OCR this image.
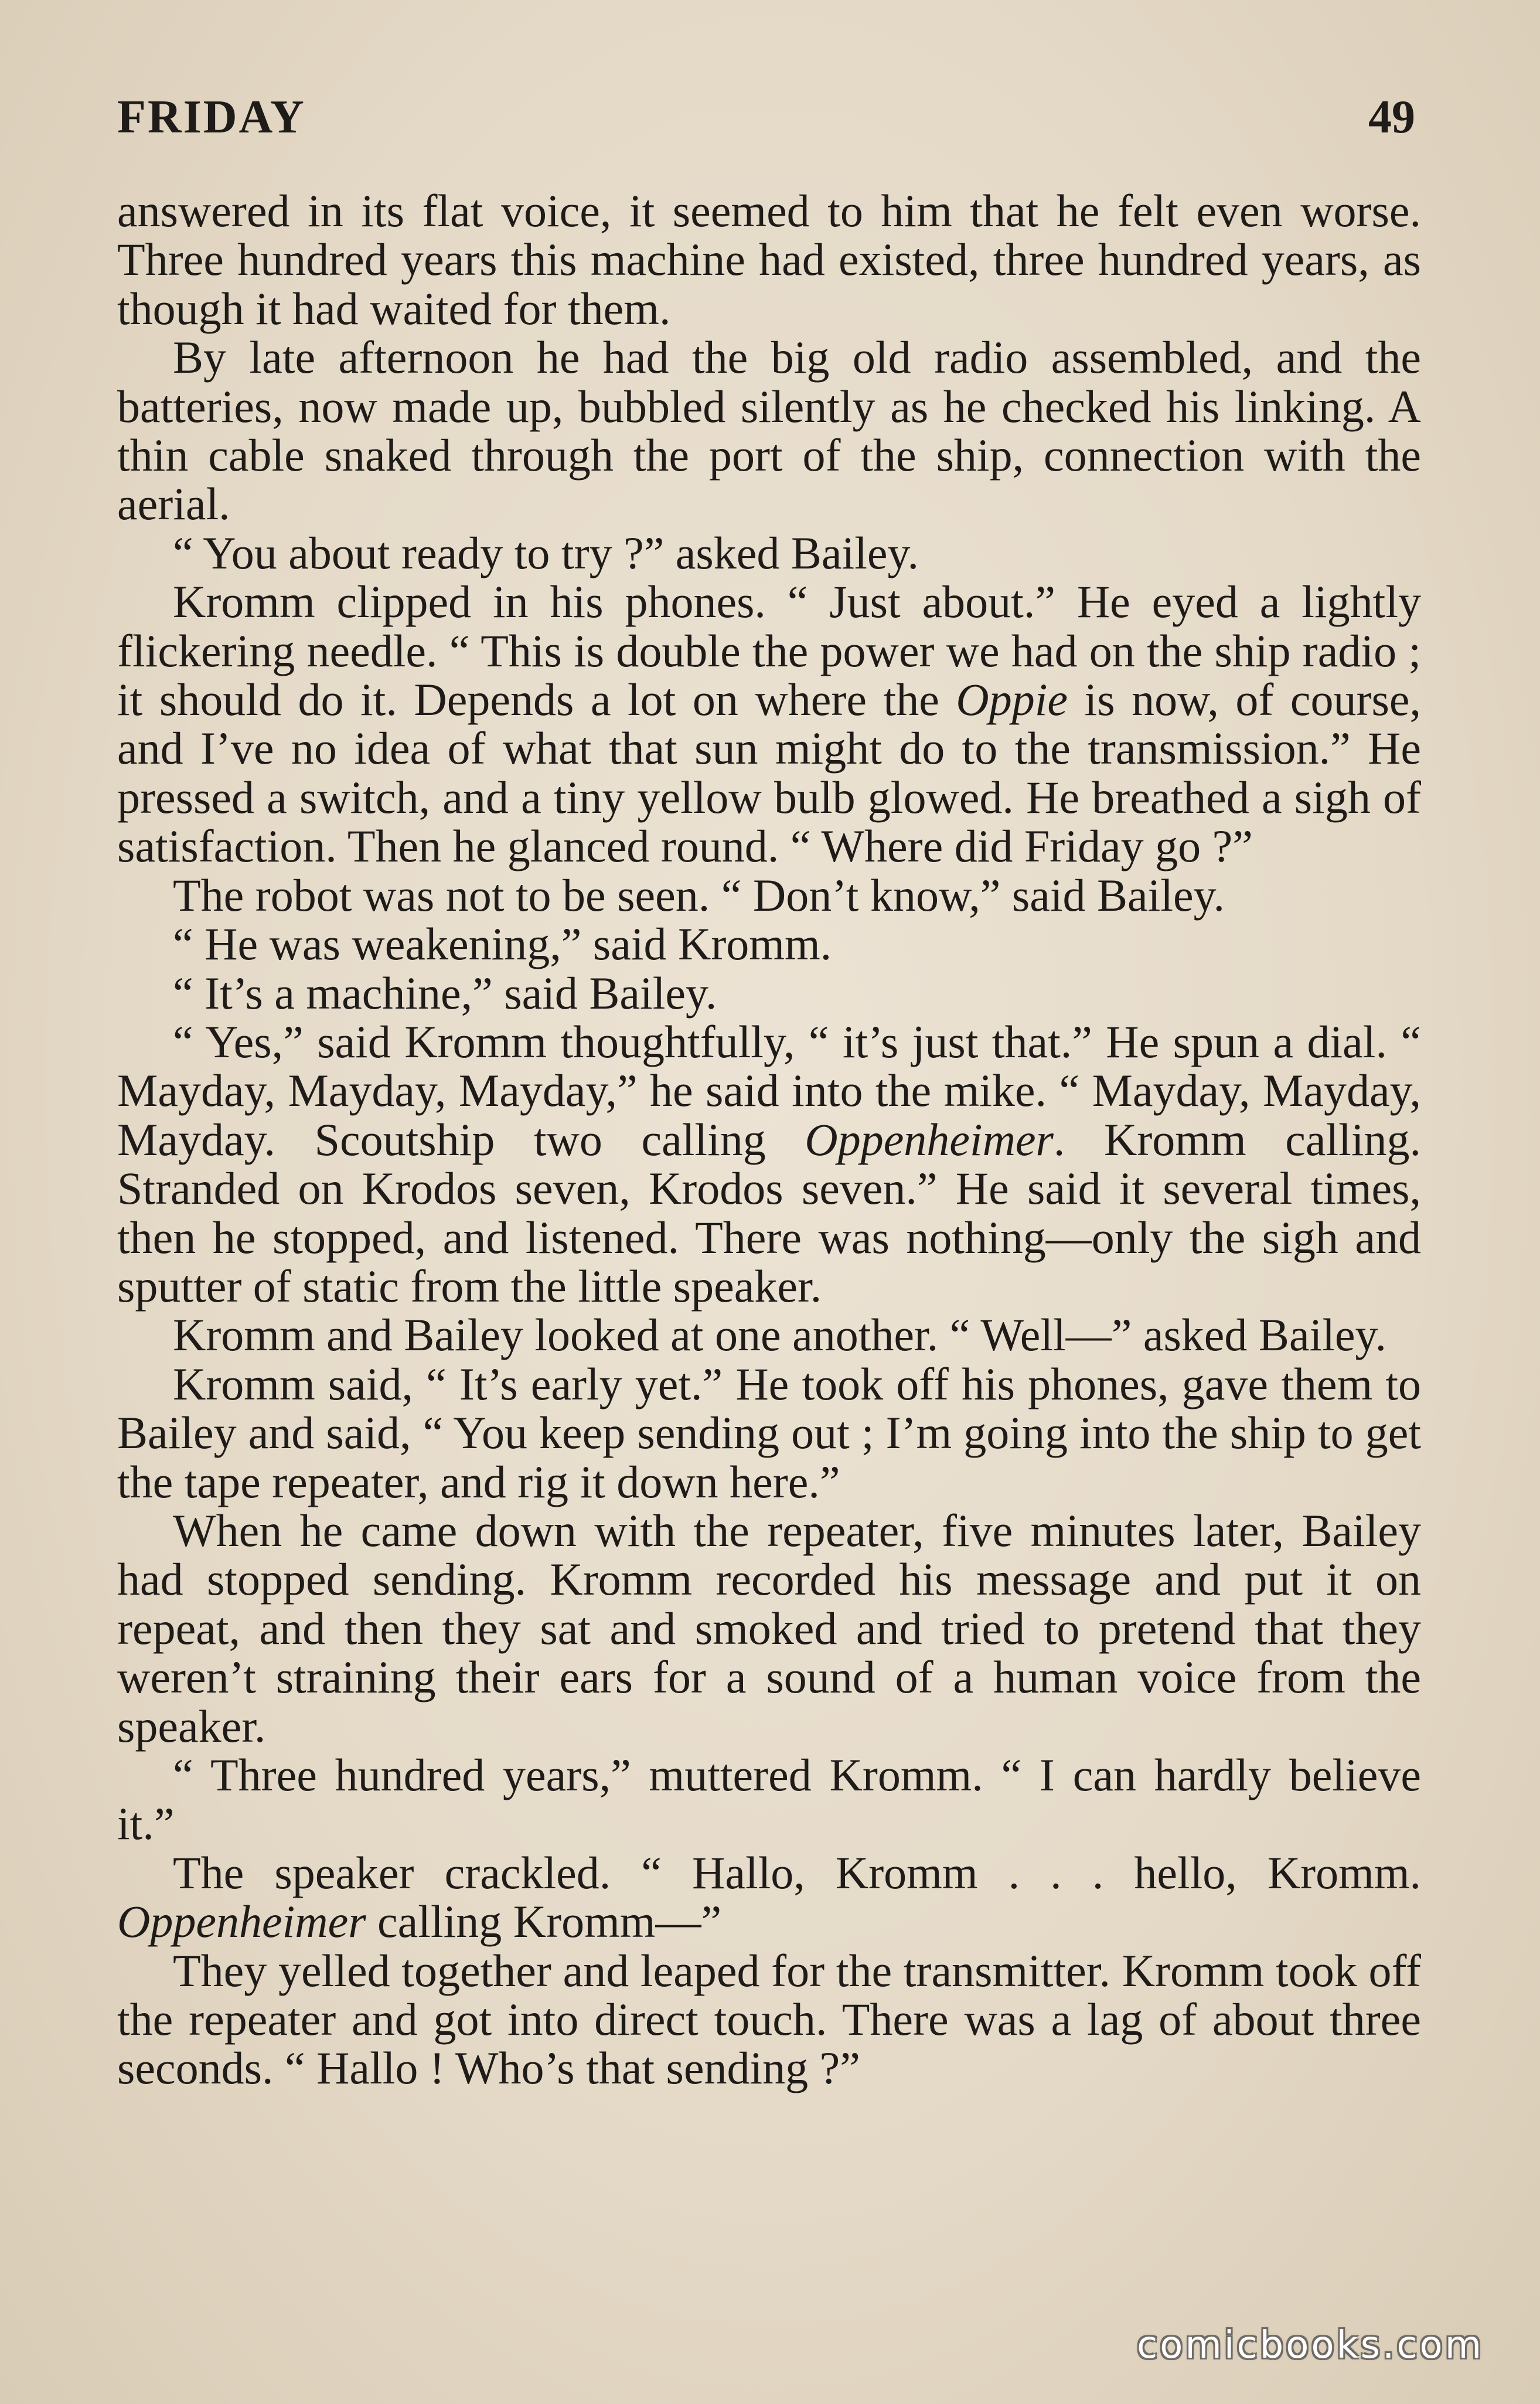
FRIDAY	49

answered in its flat voice, it seemed to him that he felt even worse. Three hundred years this machine had existed, three hundred years, as though it had waited for them.

By late afternoon he had the big old radio assembled, and the batteries, now made up, bubbled silently as he checked his linking. A thin cable snaked through the port of the ship, connection with the aerial.

“ You about ready to try ?” asked Bailey.

Kromm clipped in his phones. “ Just about.” He eyed a lightly flickering needle. “ This is double the power we had on the ship radio ; it should do it. Depends a lot on where the Oppie is now, of course, and I’ve no idea of what that sun might do to the transmission.” He pressed a switch, and a tiny yellow bulb glowed. He breathed a sigh of satisfaction. Then he glanced round. “ Where did Friday go ?”

The robot was not to be seen. “ Don’t know,” said Bailey.

“ He was weakening,” said Kromm.

“ It’s a machine,” said Bailey.

“ Yes,” said Kromm thoughtfully, “ it’s just that.” He spun a dial. “ Mayday, Mayday, Mayday,” he said into the mike. “ Mayday, Mayday, Mayday. Scoutship two calling Oppenheimer. Kromm calling. Stranded on Krodos seven, Krodos seven.” He said it several times, then he stopped, and listened. There was nothing—only the sigh and sputter of static from the little speaker.

Kromm and Bailey looked at one another. “ Well—” asked Bailey.

Kromm said, “ It’s early yet.” He took off his phones, gave them to Bailey and said, “ You keep sending out ; I’m going into the ship to get the tape repeater, and rig it down here.”

When he came down with the repeater, five minutes later, Bailey had stopped sending. Kromm recorded his message and put it on repeat, and then they sat and smoked and tried to pretend that they weren’t straining their ears for a sound of a human voice from the speaker.

“ Three hundred years,” muttered Kromm. “ I can hardly believe it.”

The speaker crackled. “ Hallo, Kromm . . . hello, Kromm. Oppenheimer calling Kromm—”

They yelled together and leaped for the transmitter. Kromm took off the repeater and got into direct touch. There was a lag of about three seconds. “ Hallo ! Who’s that sending ?”

comicbooks.com
